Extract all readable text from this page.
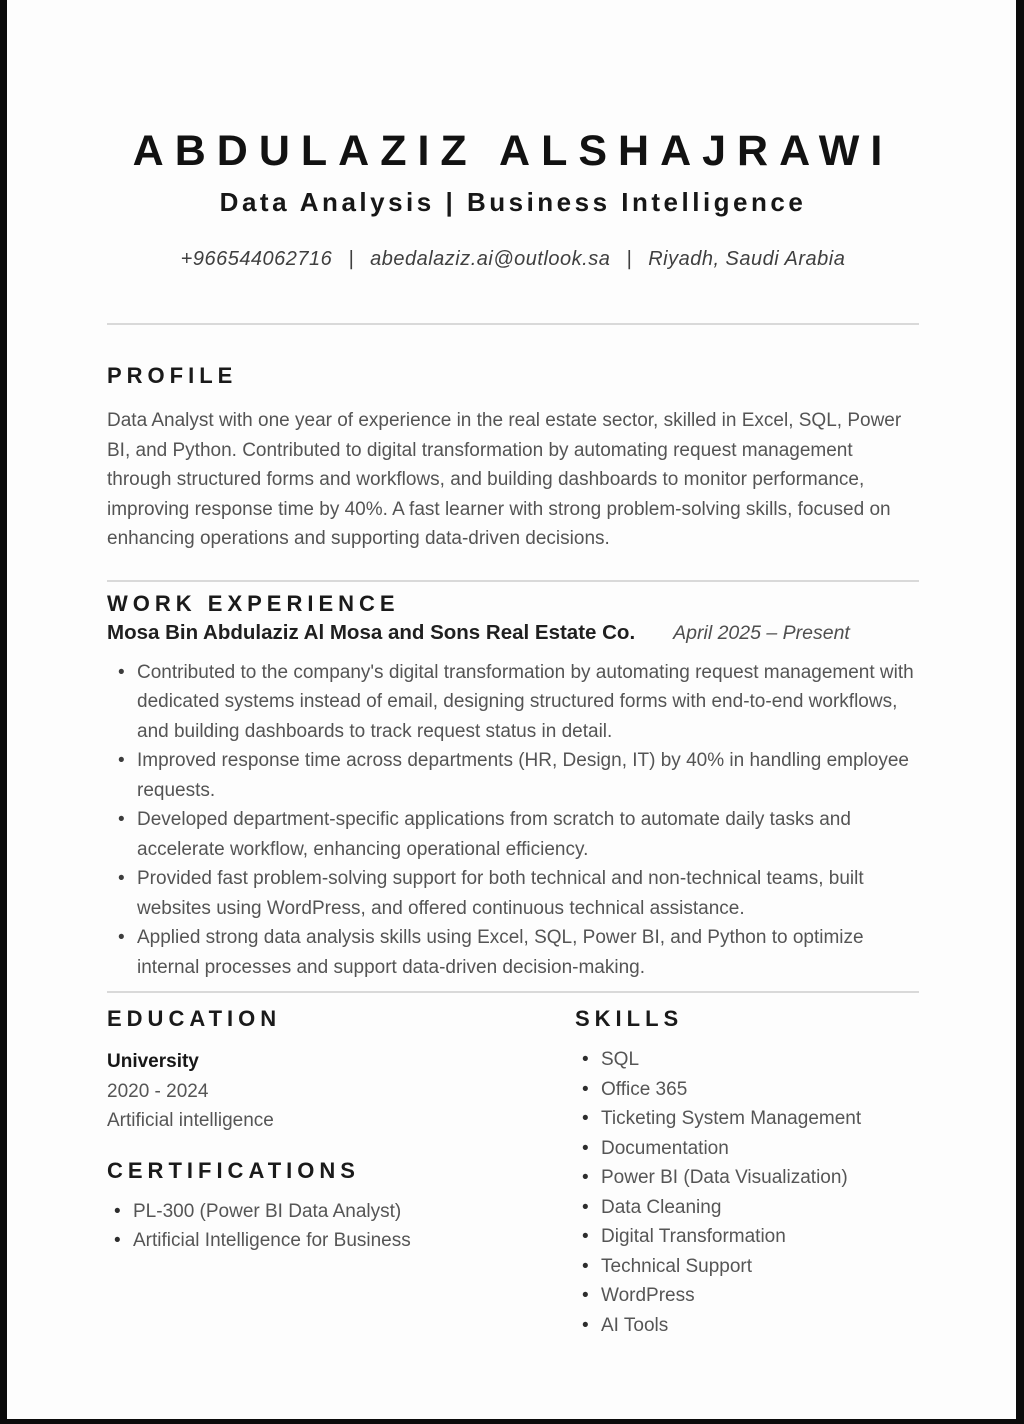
ABDULAZIZ ALSHAJRAWI
Data Analysis | Business Intelligence

+966544062716 | abedalaziz.ai@outlook.sa | Riyadh, Saudi Arabia

PROFILE

Data Analyst with one year of experience in the real estate sector, skilled in Excel, SQL, Power BI, and Python. Contributed to digital transformation by automating request management through structured forms and workflows, and building dashboards to monitor performance, improving response time by 40%. A fast learner with strong problem-solving skills, focused on enhancing operations and supporting data-driven decisions.

WORK EXPERIENCE
Mosa Bin Abdulaziz Al Mosa and Sons Real Estate Co. April 2025 – Present
• Contributed to the company's digital transformation by automating request management with dedicated systems instead of email, designing structured forms with end-to-end workflows, and building dashboards to track request status in detail.
• Improved response time across departments (HR, Design, IT) by 40% in handling employee requests.
• Developed department-specific applications from scratch to automate daily tasks and accelerate workflow, enhancing operational efficiency.
• Provided fast problem-solving support for both technical and non-technical teams, built websites using WordPress, and offered continuous technical assistance.
• Applied strong data analysis skills using Excel, SQL, Power BI, and Python to optimize internal processes and support data-driven decision-making.
EDUCATION

University

2020 - 2024

Artificial intelligence

CERTIFICATIONS
• PL-300 (Power BI Data Analyst)
• Artificial Intelligence for Business
SKILLS
• SQL
• Office 365
• Ticketing System Management
• Documentation
• Power BI (Data Visualization)
• Data Cleaning
• Digital Transformation
• Technical Support
• WordPress
• AI Tools
